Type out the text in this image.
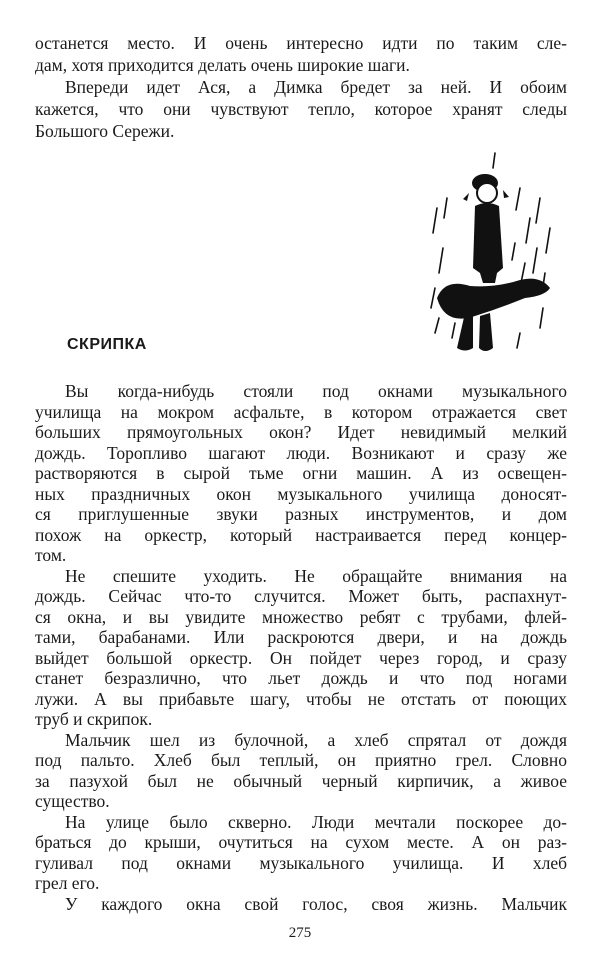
останется место. И очень интересно идти по таким сле-
дам, хотя приходится делать очень широкие шаги.
Впереди идет Ася, а Димка бредет за ней. И обоим
кажется, что они чувствуют тепло, которое хранят следы
Большого Сережи.
СКРИПКА
Вы когда-нибудь стояли под окнами музыкального
училища на мокром асфальте, в котором отражается свет
больших прямоугольных окон? Идет невидимый мелкий
дождь. Торопливо шагают люди. Возникают и сразу же
растворяются в сырой тьме огни машин. А из освещен-
ных праздничных окон музыкального училища доносят-
ся приглушенные звуки разных инструментов, и дом
похож на оркестр, который настраивается перед концер-
том.
Не спешите уходить. Не обращайте внимания на
дождь. Сейчас что-то случится. Может быть, распахнут-
ся окна, и вы увидите множество ребят с трубами, флей-
тами, барабанами. Или раскроются двери, и на дождь
выйдет большой оркестр. Он пойдет через город, и сразу
станет безразлично, что льет дождь и что под ногами
лужи. А вы прибавьте шагу, чтобы не отстать от поющих
труб и скрипок.
Мальчик шел из булочной, а хлеб спрятал от дождя
под пальто. Хлеб был теплый, он приятно грел. Словно
за пазухой был не обычный черный кирпичик, а живое
существо.
На улице было скверно. Люди мечтали поскорее до-
браться до крыши, очутиться на сухом месте. А он раз-
гуливал под окнами музыкального училища. И хлеб
грел его.
У каждого окна свой голос, своя жизнь. Мальчик
275
